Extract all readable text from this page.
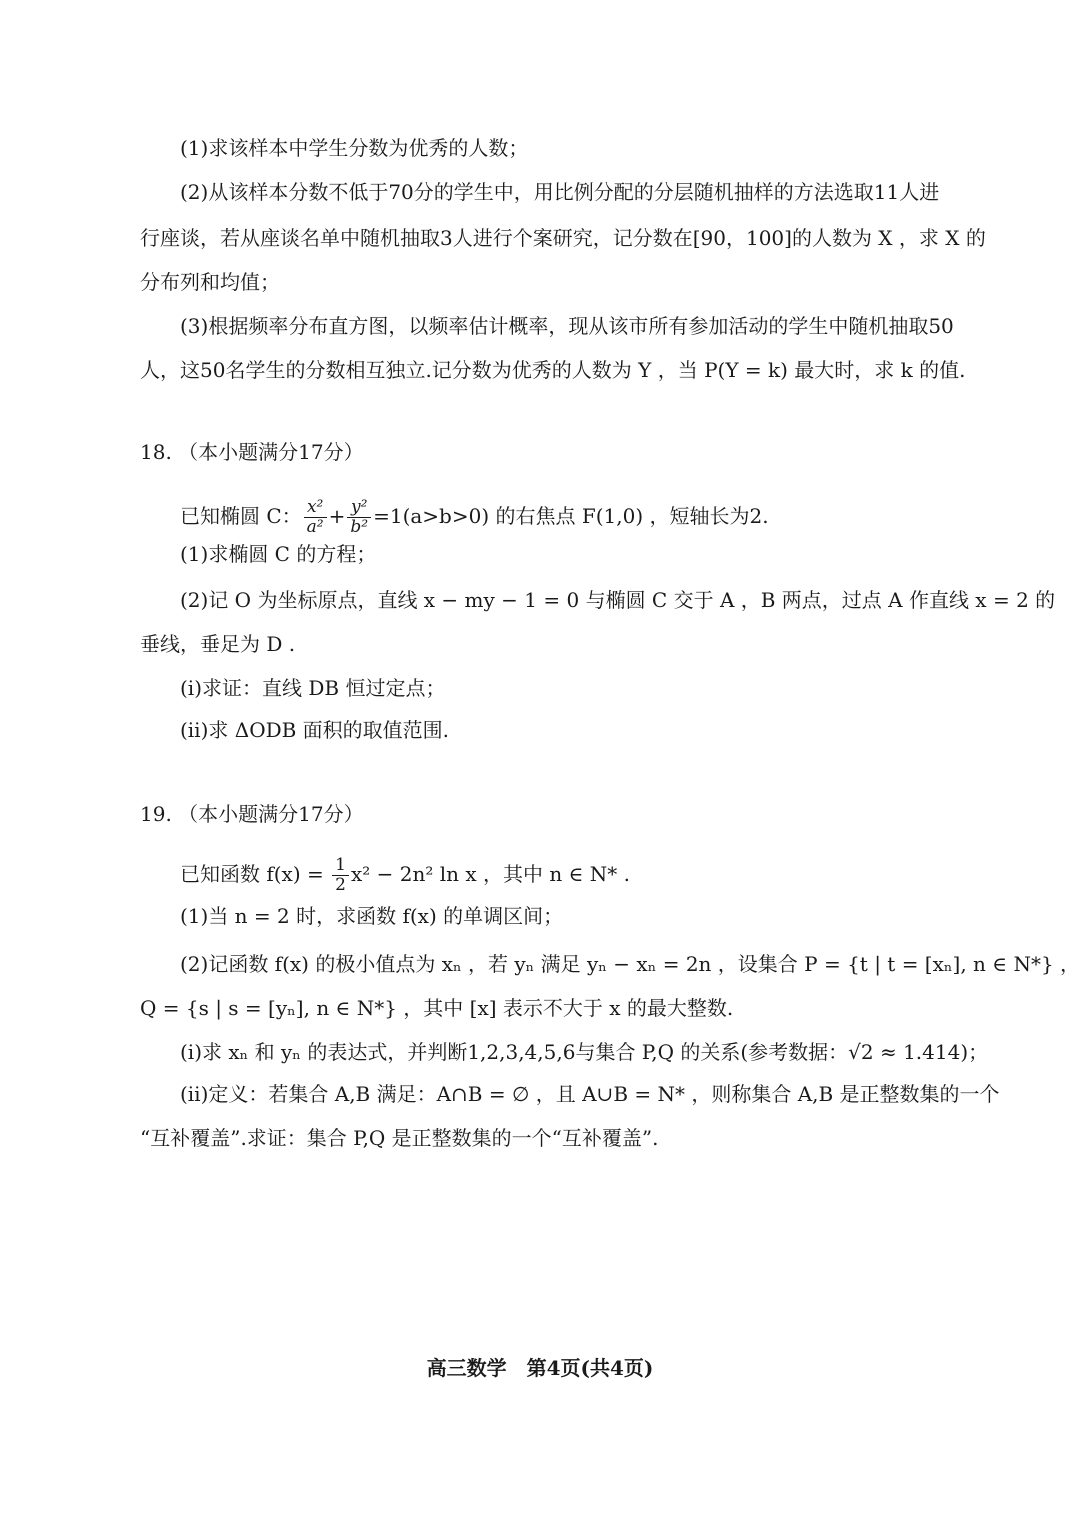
(1)求该样本中学生分数为优秀的人数；
(2)从该样本分数不低于70分的学生中，用比例分配的分层随机抽样的方法选取11人进
行座谈，若从座谈名单中随机抽取3人进行个案研究，记分数在[90，100]的人数为 X ，求 X 的
分布列和均值；
(3)根据频率分布直方图，以频率估计概率，现从该市所有参加活动的学生中随机抽取50
人，这50名学生的分数相互独立.记分数为优秀的人数为 Y ，当 P(Y = k) 最大时，求 k 的值.
18. （本小题满分17分）
已知椭圆 C： $\frac{\text{x²}}{\text{a²}} + \frac{\text{y²}}{\text{b²}} =1(a>b>0)$ 的右焦点 F(1,0) ，短轴长为2.
(1)求椭圆 C 的方程；
(2)记 O 为坐标原点，直线 x − my − 1 = 0 与椭圆 C 交于 A ，B 两点，过点 A 作直线 x = 2 的
垂线，垂足为 D .
(ⅰ)求证：直线 DB 恒过定点；
(ⅱ)求 ΔODB 面积的取值范围.
19. （本小题满分17分）
已知函数 $f(x) = \frac{1}{2} x^2 - 2n^2$ ln x ，其中 n ∈ N* .
(1)当 n = 2 时，求函数 f(x) 的单调区间；
(2)记函数 f(x) 的极小值点为 xₙ ，若 yₙ 满足 yₙ − xₙ = 2n ，设集合 P = {t | t = [xₙ], n ∈ N*} ，
Q = {s | s = [yₙ], n ∈ N*} ，其中 [x] 表示不大于 x 的最大整数.
(ⅰ)求 xₙ 和 yₙ 的表达式，并判断1,2,3,4,5,6与集合 P,Q 的关系(参考数据：√2 ≈ 1.414)；
(ⅱ)定义：若集合 A,B 满足：A∩B = ∅ ，且 A∪B = N* ，则称集合 A,B 是正整数集的一个
“互补覆盖”.求证：集合 P,Q 是正整数集的一个“互补覆盖”.
高三数学　第4页(共4页)
